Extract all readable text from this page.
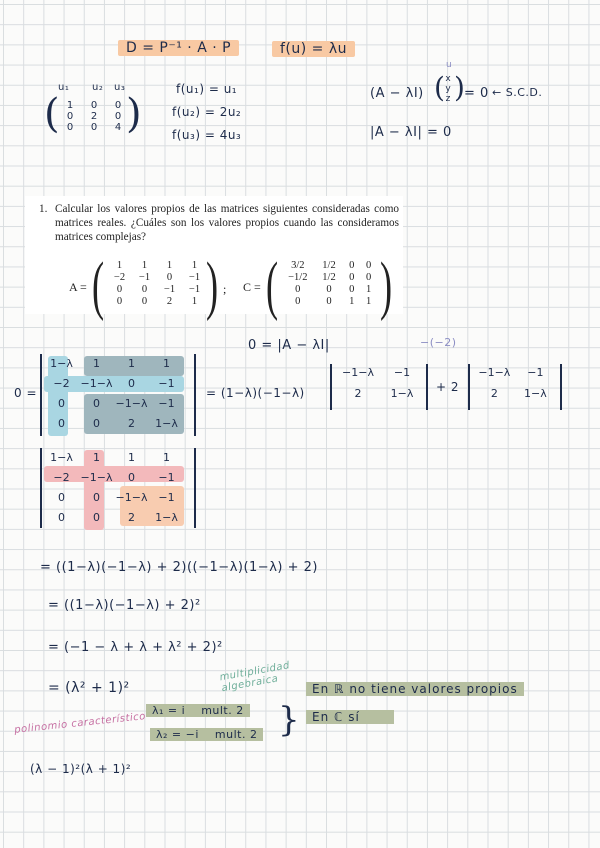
D = P⁻¹ · A · P	f(u) = λu
u₁ u₂ u₃
( 1	0	0
0	2	0
0	0	4 )
f(u₁) = u₁
f(u₂) = 2u₂
f(u₃) = 4u₃
u
(A − λI)
x
y
z
( ) = 0 ← S.C.D.
|A − λI| = 0
1. Calcular los valores propios de las matrices siguientes consideradas como matrices reales. ¿Cuáles son los valores propios cuando las consideramos matrices complejas?
A = (	1	1	1	1
−2	−1	0	−1
0	0	−1	−1
0	0	2	1 ) ; C = (	3/2	1/2	0	0
−1/2	1/2	0	0
0	0	0	1
0	0	1	1 )
0 = |A − λI|	−(−2)
0 =
1−λ	1	1	1
−2 −1−λ	0	−1
0	0	−1−λ −1
0	0	2	1−λ
= (1−λ)(−1−λ)
−1−λ	−1
2	1−λ	+ 2
−1−λ	−1
2	1−λ
1−λ	1	1	1
−2 −1−λ	0	−1
0	0	−1−λ −1
0	0	2	1−λ
= ((1−λ)(−1−λ) + 2)((−1−λ)(1−λ) + 2)
= ((1−λ)(−1−λ) + 2)²
= (−1 − λ + λ + λ² + 2)²
= (λ² + 1)²
multiplicidad algebraica
polinomio característico
λ₁ = i mult. 2
λ₂ = −i mult. 2 }
En ℝ no tiene valores propios
En ℂ sí
(λ − 1)²(λ + 1)²
